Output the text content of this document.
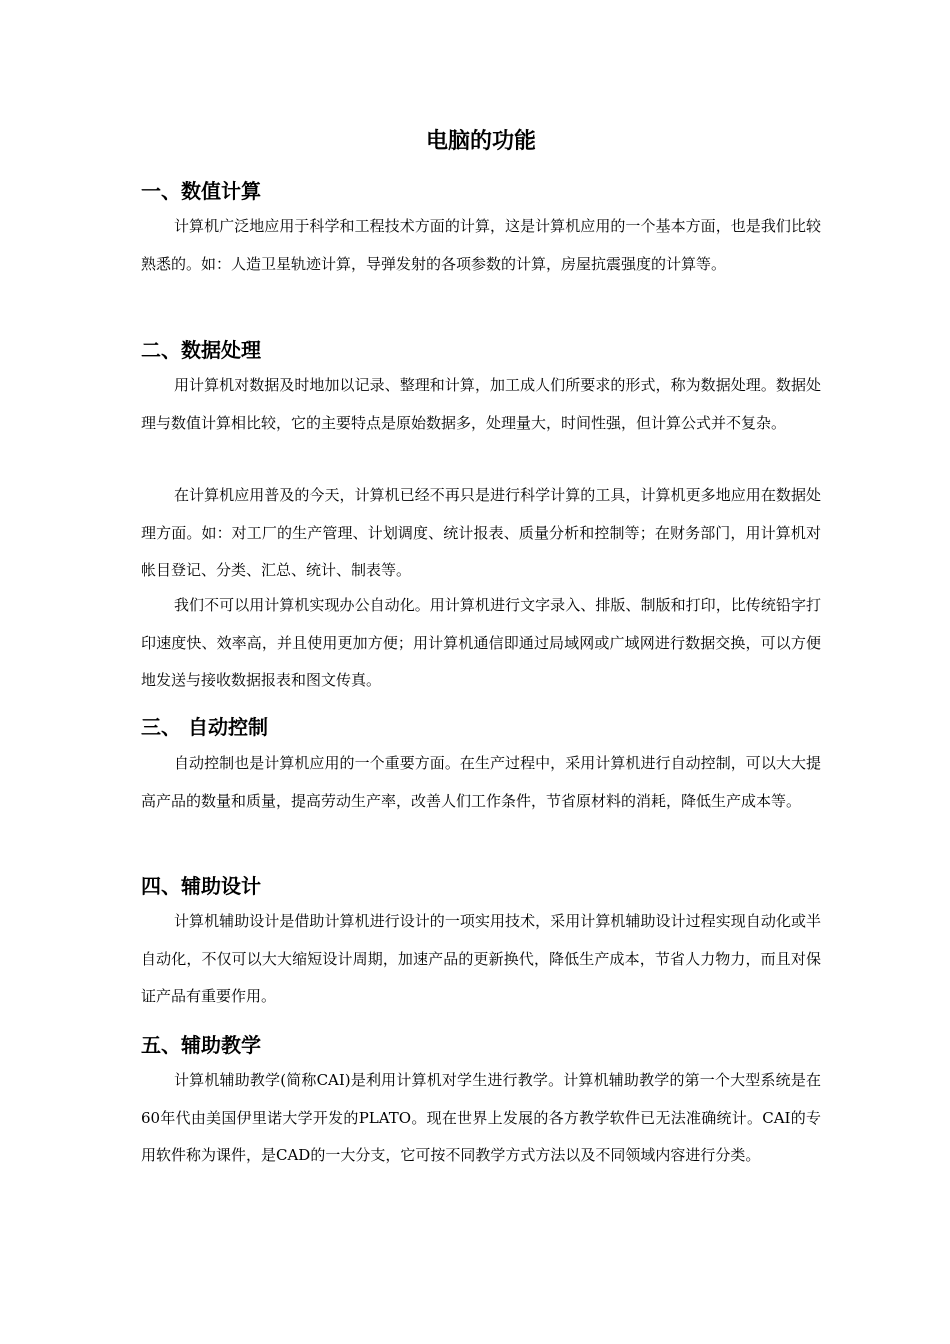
电脑的功能
一、数值计算

计算机广泛地应用于科学和工程技术方面的计算，这是计算机应用的一个基本方面，也是我们比较熟悉的。如：人造卫星轨迹计算，导弹发射的各项参数的计算，房屋抗震强度的计算等。

二、数据处理

用计算机对数据及时地加以记录、整理和计算，加工成人们所要求的形式，称为数据处理。数据处理与数值计算相比较，它的主要特点是原始数据多，处理量大，时间性强，但计算公式并不复杂。

在计算机应用普及的今天，计算机已经不再只是进行科学计算的工具，计算机更多地应用在数据处理方面。如：对工厂的生产管理、计划调度、统计报表、质量分析和控制等；在财务部门，用计算机对帐目登记、分类、汇总、统计、制表等。

我们不可以用计算机实现办公自动化。用计算机进行文字录入、排版、制版和打印，比传统铅字打印速度快、效率高，并且使用更加方便；用计算机通信即通过局域网或广域网进行数据交换，可以方便地发送与接收数据报表和图文传真。

三、 自动控制

自动控制也是计算机应用的一个重要方面。在生产过程中，采用计算机进行自动控制，可以大大提高产品的数量和质量，提高劳动生产率，改善人们工作条件，节省原材料的消耗，降低生产成本等。

四、辅助设计

计算机辅助设计是借助计算机进行设计的一项实用技术，采用计算机辅助设计过程实现自动化或半自动化，不仅可以大大缩短设计周期，加速产品的更新换代，降低生产成本，节省人力物力，而且对保证产品有重要作用。

五、辅助教学

计算机辅助教学(简称CAI)是利用计算机对学生进行教学。计算机辅助教学的第一个大型系统是在60年代由美国伊里诺大学开发的PLATO。现在世界上发展的各方教学软件已无法准确统计。CAI的专用软件称为课件，是CAD的一大分支，它可按不同教学方式方法以及不同领域内容进行分类。
